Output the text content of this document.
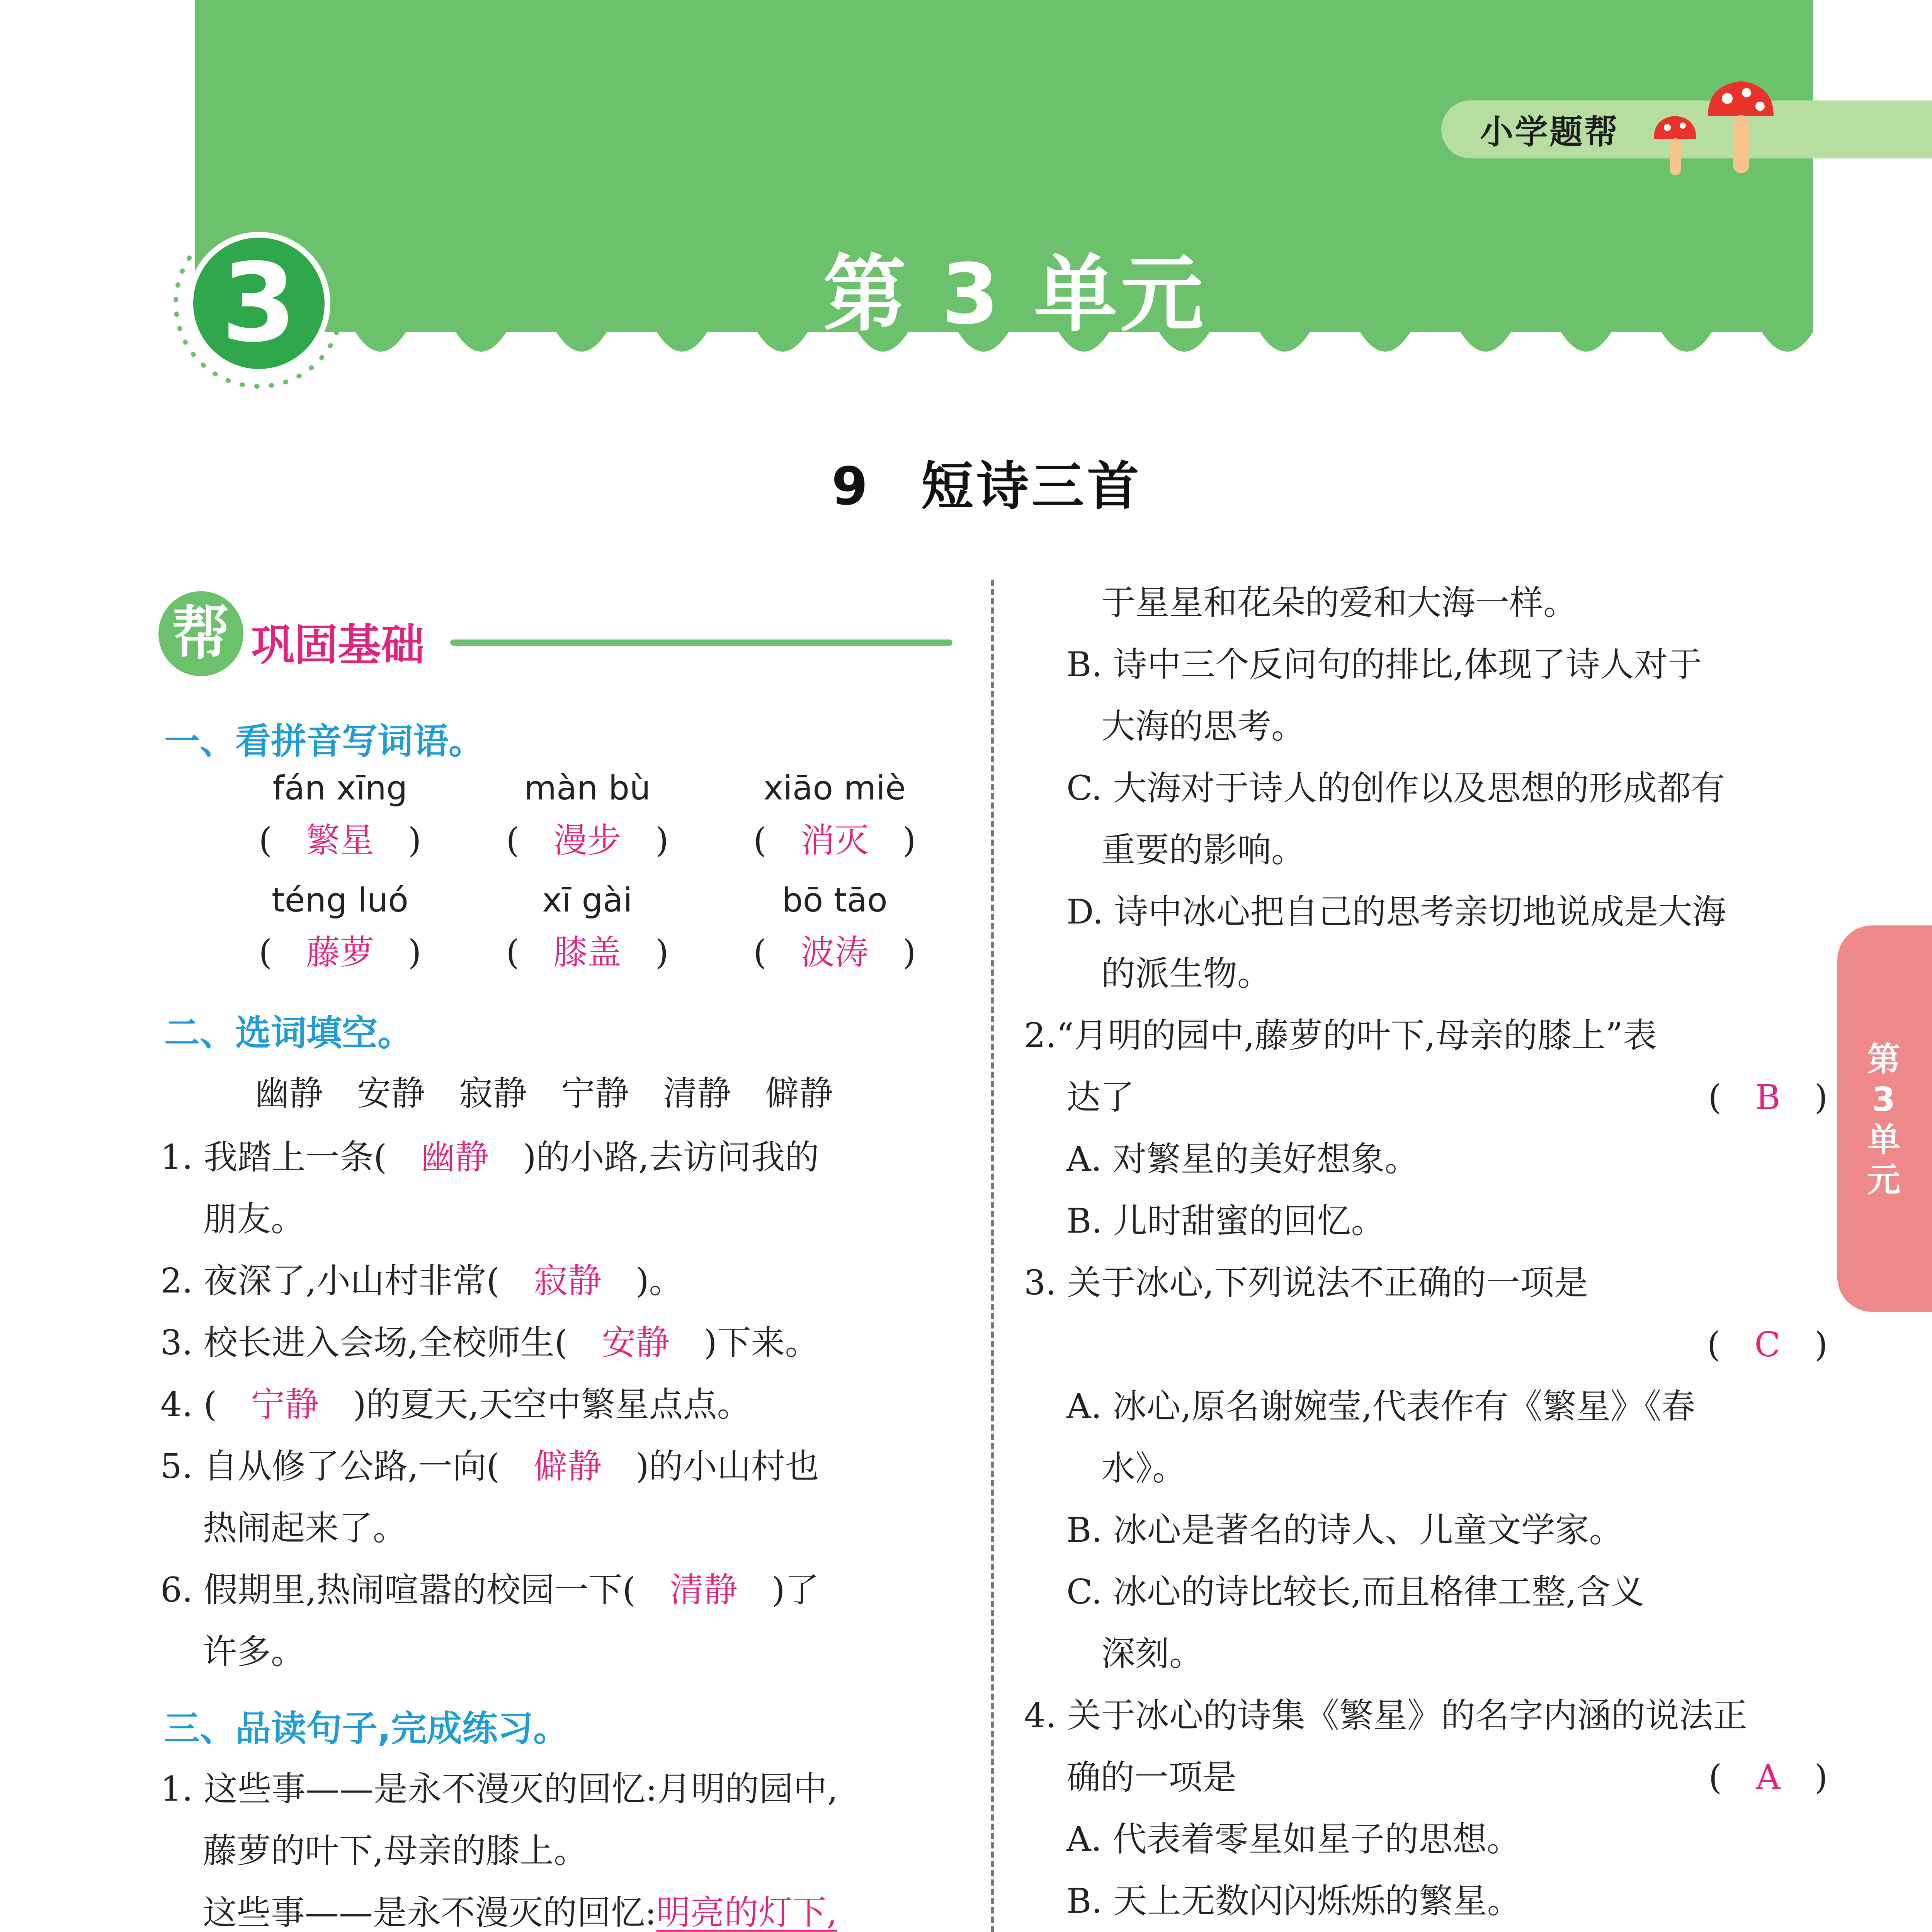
小学题帮
3	第 3 单元
9 短诗三首
帮 巩固基础
一、看拼音写词语。
fán xīng	màn bù	xiāo miè
(　繁星　)	(　漫步　)	(　消灭　)
téng luó	xī gài	bō tāo
(　藤萝　)	(　膝盖　)	(　波涛　)
二、选词填空。
幽静　安静　寂静　宁静　清静　僻静
1. 我踏上一条(　 幽静　 )的小路,去访问我的
朋友。
2. 夜深了,小山村非常(　 寂静　 )。
3. 校长进入会场,全校师生(　 安静　 )下来。
4. (　 宁静　 )的夏天,天空中繁星点点。
5. 自从修了公路,一向(　 僻静　 )的小山村也
热闹起来了。
6. 假期里,热闹喧嚣的校园一下(　 清静　 )了
许多。
三、品读句子,完成练习。
1. 这些事——是永不漫灭的回忆:月明的园中,
藤萝的叶下,母亲的膝上。
这些事——是永不漫灭的回忆:明亮的灯下,

于星星和花朵的爱和大海一样。
B. 诗中三个反问句的排比,体现了诗人对于
大海的思考。
C. 大海对于诗人的创作以及思想的形成都有
重要的影响。
D. 诗中冰心把自己的思考亲切地说成是大海
的派生物。
2.“月明的园中,藤萝的叶下,母亲的膝上”表
达了	(　B　)
A. 对繁星的美好想象。
B. 儿时甜蜜的回忆。
3. 关于冰心,下列说法不正确的一项是
(　C　)
A. 冰心,原名谢婉莹,代表作有《繁星》《春
水》。
B. 冰心是著名的诗人、儿童文学家。
C. 冰心的诗比较长,而且格律工整,含义
深刻。
4. 关于冰心的诗集《繁星》的名字内涵的说法正
确的一项是	(　A　)
A. 代表着零星如星子的思想。
B. 天上无数闪闪烁烁的繁星。
第
3
单
元
